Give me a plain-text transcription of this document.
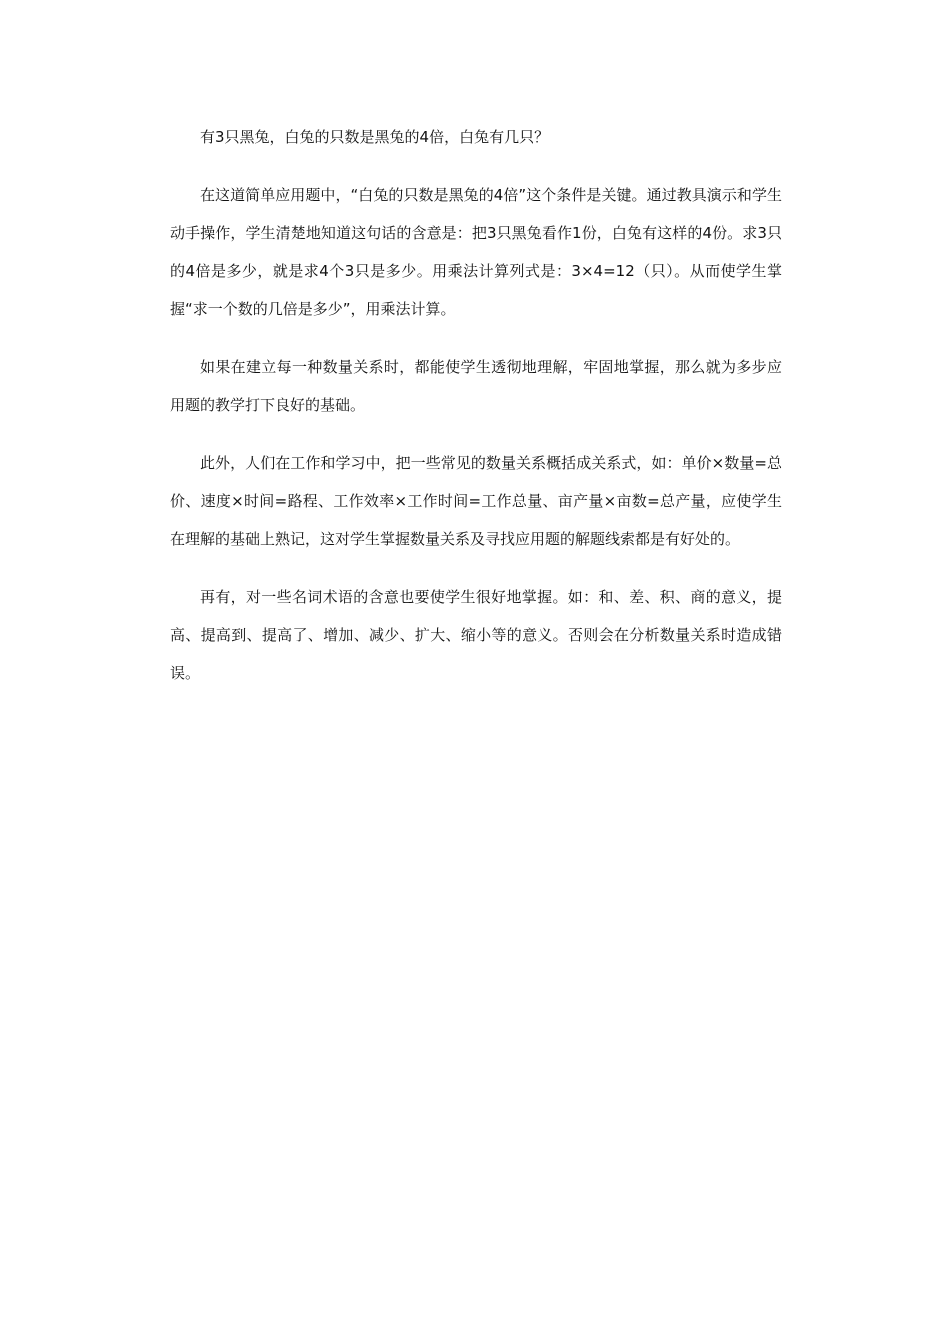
有3只黑兔，白兔的只数是黑兔的4倍，白兔有几只？

在这道简单应用题中，“白兔的只数是黑兔的4倍”这个条件是关键。通过教具演示和学生动手操作，学生清楚地知道这句话的含意是：把3只黑兔看作1份，白兔有这样的4份。求3只的4倍是多少，就是求4个3只是多少。用乘法计算列式是：3×4=12（只）。从而使学生掌握“求一个数的几倍是多少”，用乘法计算。

如果在建立每一种数量关系时，都能使学生透彻地理解，牢固地掌握，那么就为多步应用题的教学打下良好的基础。

此外，人们在工作和学习中，把一些常见的数量关系概括成关系式，如：单价×数量=总价、速度×时间=路程、工作效率×工作时间=工作总量、亩产量×亩数=总产量，应使学生在理解的基础上熟记，这对学生掌握数量关系及寻找应用题的解题线索都是有好处的。

再有，对一些名词术语的含意也要使学生很好地掌握。如：和、差、积、商的意义，提高、提高到、提高了、增加、减少、扩大、缩小等的意义。否则会在分析数量关系时造成错误。
